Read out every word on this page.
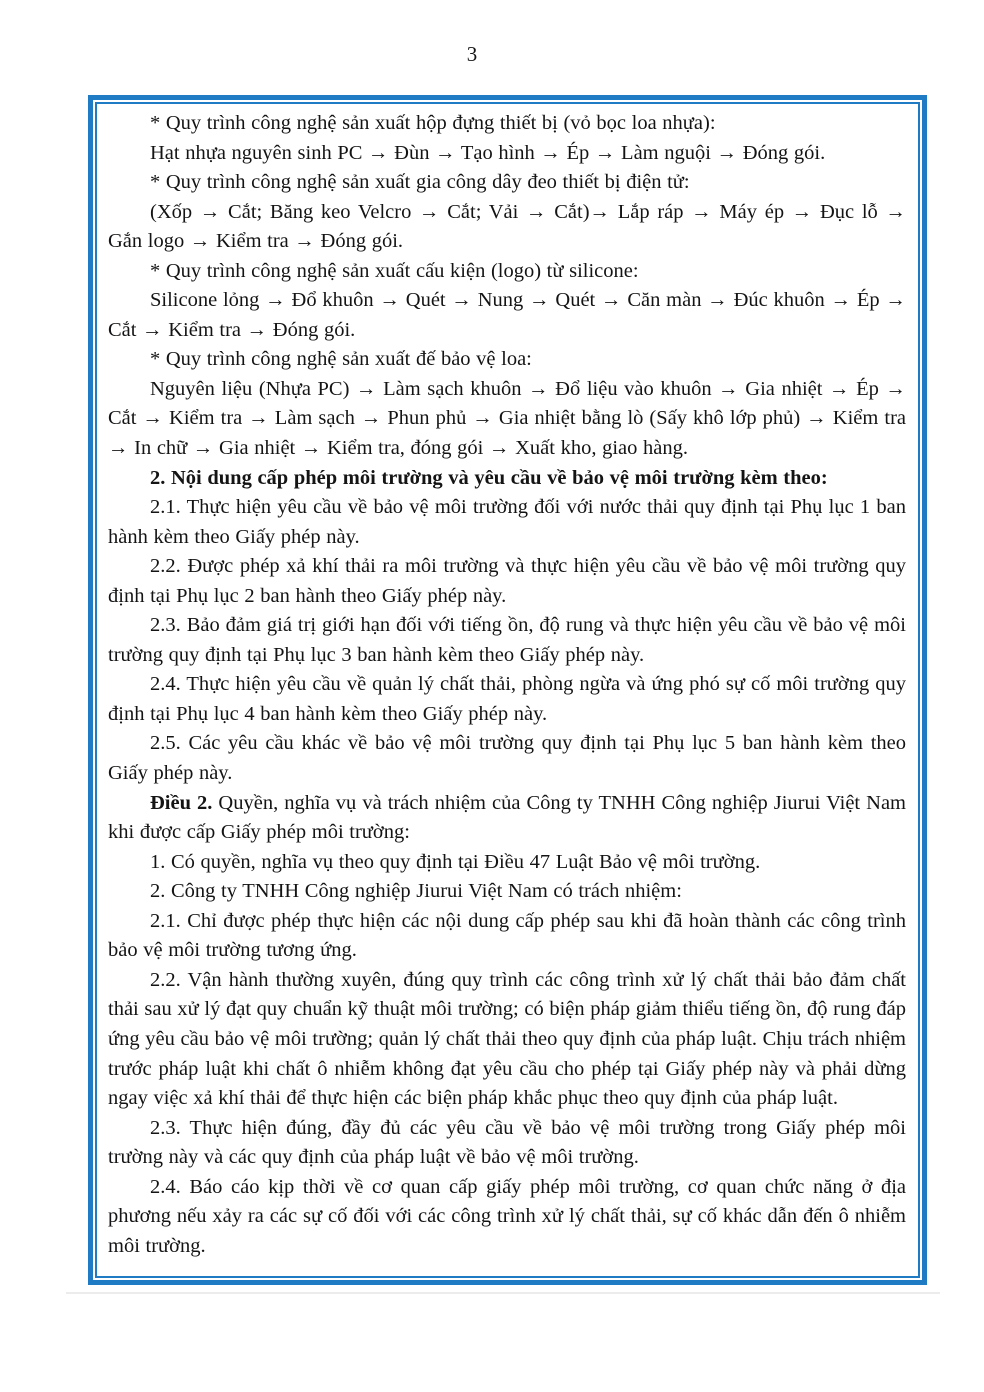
3

* Quy trình công nghệ sản xuất hộp đựng thiết bị (vỏ bọc loa nhựa):

Hạt nhựa nguyên sinh PC → Đùn → Tạo hình → Ép → Làm nguội → Đóng gói.

* Quy trình công nghệ sản xuất gia công dây đeo thiết bị điện tử:

(Xốp → Cắt; Băng keo Velcro → Cắt; Vải → Cắt)→ Lắp ráp → Máy ép → Đục lỗ → Gắn logo → Kiểm tra → Đóng gói.

* Quy trình công nghệ sản xuất cấu kiện (logo) từ silicone:

Silicone lỏng → Đổ khuôn → Quét → Nung → Quét → Căn màn → Đúc khuôn → Ép → Cắt → Kiểm tra → Đóng gói.

* Quy trình công nghệ sản xuất đế bảo vệ loa:

Nguyên liệu (Nhựa PC) → Làm sạch khuôn → Đổ liệu vào khuôn → Gia nhiệt → Ép → Cắt → Kiểm tra → Làm sạch → Phun phủ → Gia nhiệt bằng lò (Sấy khô lớp phủ) → Kiểm tra → In chữ → Gia nhiệt → Kiểm tra, đóng gói → Xuất kho, giao hàng.

2. Nội dung cấp phép môi trường và yêu cầu về bảo vệ môi trường kèm theo:

2.1. Thực hiện yêu cầu về bảo vệ môi trường đối với nước thải quy định tại Phụ lục 1 ban hành kèm theo Giấy phép này.

2.2. Được phép xả khí thải ra môi trường và thực hiện yêu cầu về bảo vệ môi trường quy định tại Phụ lục 2 ban hành theo Giấy phép này.

2.3. Bảo đảm giá trị giới hạn đối với tiếng ồn, độ rung và thực hiện yêu cầu về bảo vệ môi trường quy định tại Phụ lục 3 ban hành kèm theo Giấy phép này.

2.4. Thực hiện yêu cầu về quản lý chất thải, phòng ngừa và ứng phó sự cố môi trường quy định tại Phụ lục 4 ban hành kèm theo Giấy phép này.

2.5. Các yêu cầu khác về bảo vệ môi trường quy định tại Phụ lục 5 ban hành kèm theo Giấy phép này.

Điều 2. Quyền, nghĩa vụ và trách nhiệm của Công ty TNHH Công nghiệp Jiurui Việt Nam khi được cấp Giấy phép môi trường:

1. Có quyền, nghĩa vụ theo quy định tại Điều 47 Luật Bảo vệ môi trường.

2. Công ty TNHH Công nghiệp Jiurui Việt Nam có trách nhiệm:

2.1. Chỉ được phép thực hiện các nội dung cấp phép sau khi đã hoàn thành các công trình bảo vệ môi trường tương ứng.

2.2. Vận hành thường xuyên, đúng quy trình các công trình xử lý chất thải bảo đảm chất thải sau xử lý đạt quy chuẩn kỹ thuật môi trường; có biện pháp giảm thiểu tiếng ồn, độ rung đáp ứng yêu cầu bảo vệ môi trường; quản lý chất thải theo quy định của pháp luật. Chịu trách nhiệm trước pháp luật khi chất ô nhiễm không đạt yêu cầu cho phép tại Giấy phép này và phải dừng ngay việc xả khí thải để thực hiện các biện pháp khắc phục theo quy định của pháp luật.

2.3. Thực hiện đúng, đầy đủ các yêu cầu về bảo vệ môi trường trong Giấy phép môi trường này và các quy định của pháp luật về bảo vệ môi trường.

2.4. Báo cáo kịp thời về cơ quan cấp giấy phép môi trường, cơ quan chức năng ở địa phương nếu xảy ra các sự cố đối với các công trình xử lý chất thải, sự cố khác dẫn đến ô nhiễm môi trường.
